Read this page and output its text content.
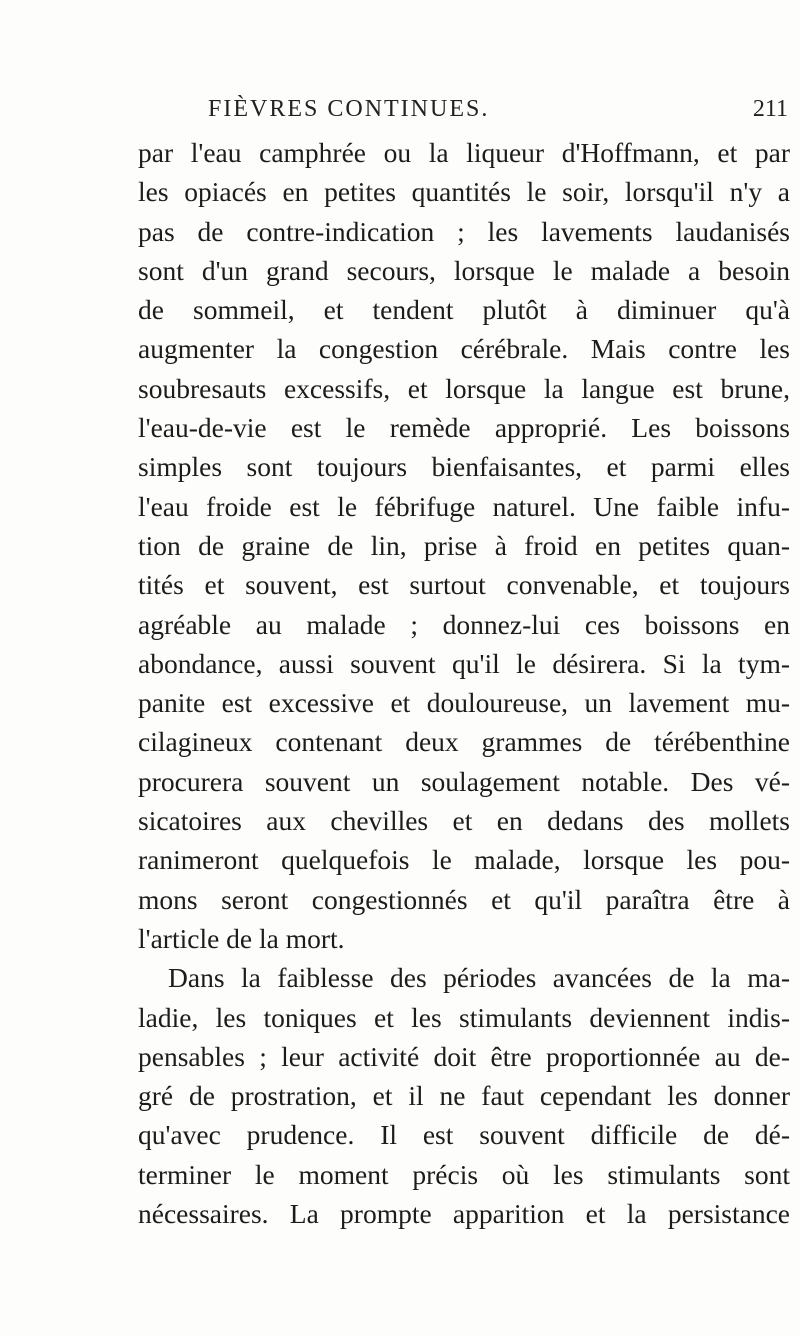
FIÈVRES CONTINUES.	211
par l'eau camphrée ou la liqueur d'Hoffmann, et par
les opiacés en petites quantités le soir, lorsqu'il n'y a
pas de contre-indication ; les lavements laudanisés
sont d'un grand secours, lorsque le malade a besoin
de sommeil, et tendent plutôt à diminuer qu'à
augmenter la congestion cérébrale. Mais contre les
soubresauts excessifs, et lorsque la langue est brune,
l'eau-de-vie est le remède approprié. Les boissons
simples sont toujours bienfaisantes, et parmi elles
l'eau froide est le fébrifuge naturel. Une faible infu-
tion de graine de lin, prise à froid en petites quan-
tités et souvent, est surtout convenable, et toujours
agréable au malade ; donnez-lui ces boissons en
abondance, aussi souvent qu'il le désirera. Si la tym-
panite est excessive et douloureuse, un lavement mu-
cilagineux contenant deux grammes de térébenthine
procurera souvent un soulagement notable. Des vé-
sicatoires aux chevilles et en dedans des mollets
ranimeront quelquefois le malade, lorsque les pou-
mons seront congestionnés et qu'il paraîtra être à
l'article de la mort.
Dans la faiblesse des périodes avancées de la ma-
ladie, les toniques et les stimulants deviennent indis-
pensables ; leur activité doit être proportionnée au de-
gré de prostration, et il ne faut cependant les donner
qu'avec prudence. Il est souvent difficile de dé-
terminer le moment précis où les stimulants sont
nécessaires. La prompte apparition et la persistance
